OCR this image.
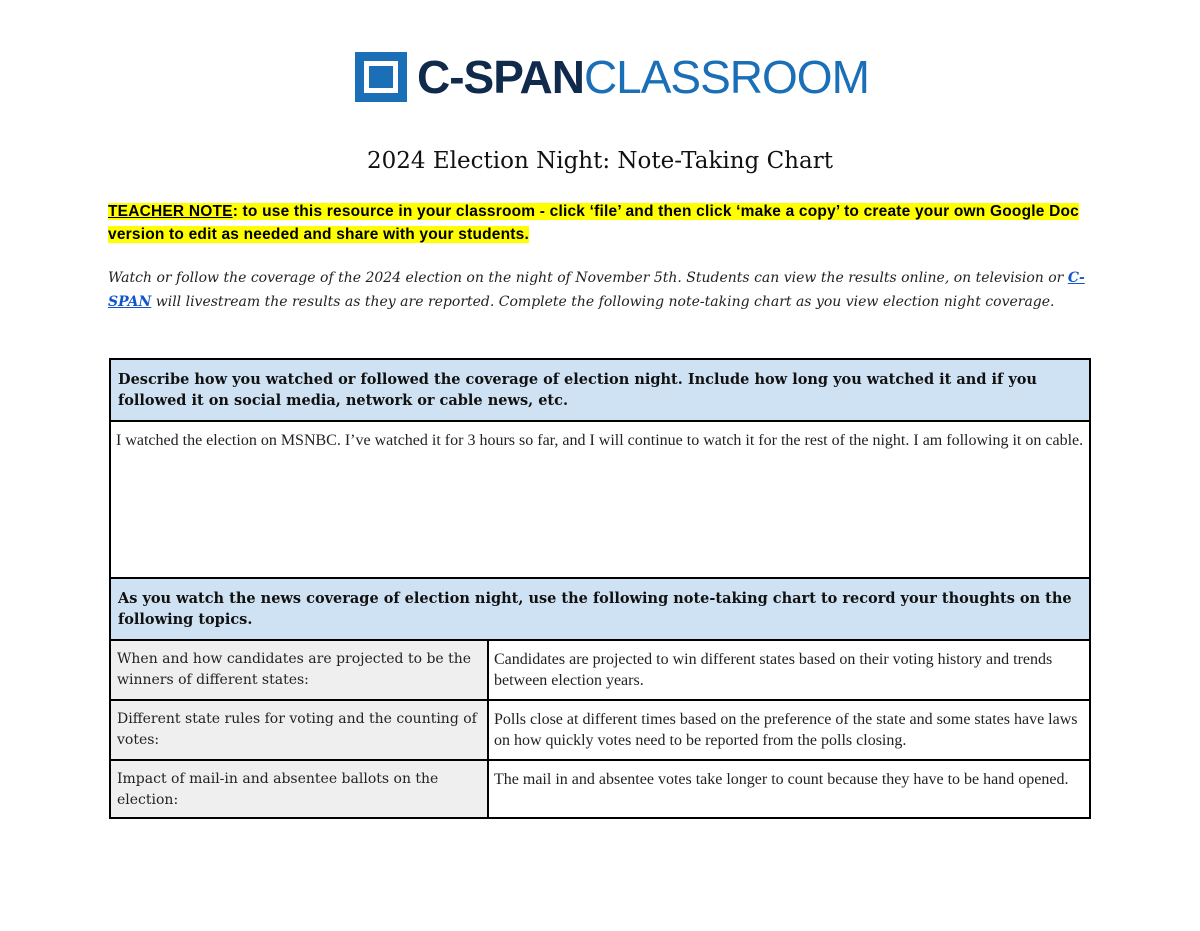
C-SPANCLASSROOM
2024 Election Night: Note-Taking Chart
TEACHER NOTE: to use this resource in your classroom - click ‘file’ and then click ‘make a copy’ to create your own Google Doc version to edit as needed and share with your students.
Watch or follow the coverage of the 2024 election on the night of November 5th. Students can view the results online, on television or C-SPAN will livestream the results as they are reported. Complete the following note-taking chart as you view election night coverage.
Describe how you watched or followed the coverage of election night. Include how long you watched it and if you followed it on social media, network or cable news, etc.
I watched the election on MSNBC. I’ve watched it for 3 hours so far, and I will continue to watch it for the rest of the night. I am following it on cable.
As you watch the news coverage of election night, use the following note-taking chart to record your thoughts on the following topics.
When and how candidates are projected to be the winners of different states:
Candidates are projected to win different states based on their voting history and trends between election years.
Different state rules for voting and the counting of votes:
Polls close at different times based on the preference of the state and some states have laws on how quickly votes need to be reported from the polls closing.
Impact of mail-in and absentee ballots on the election:
The mail in and absentee votes take longer to count because they have to be hand opened.
